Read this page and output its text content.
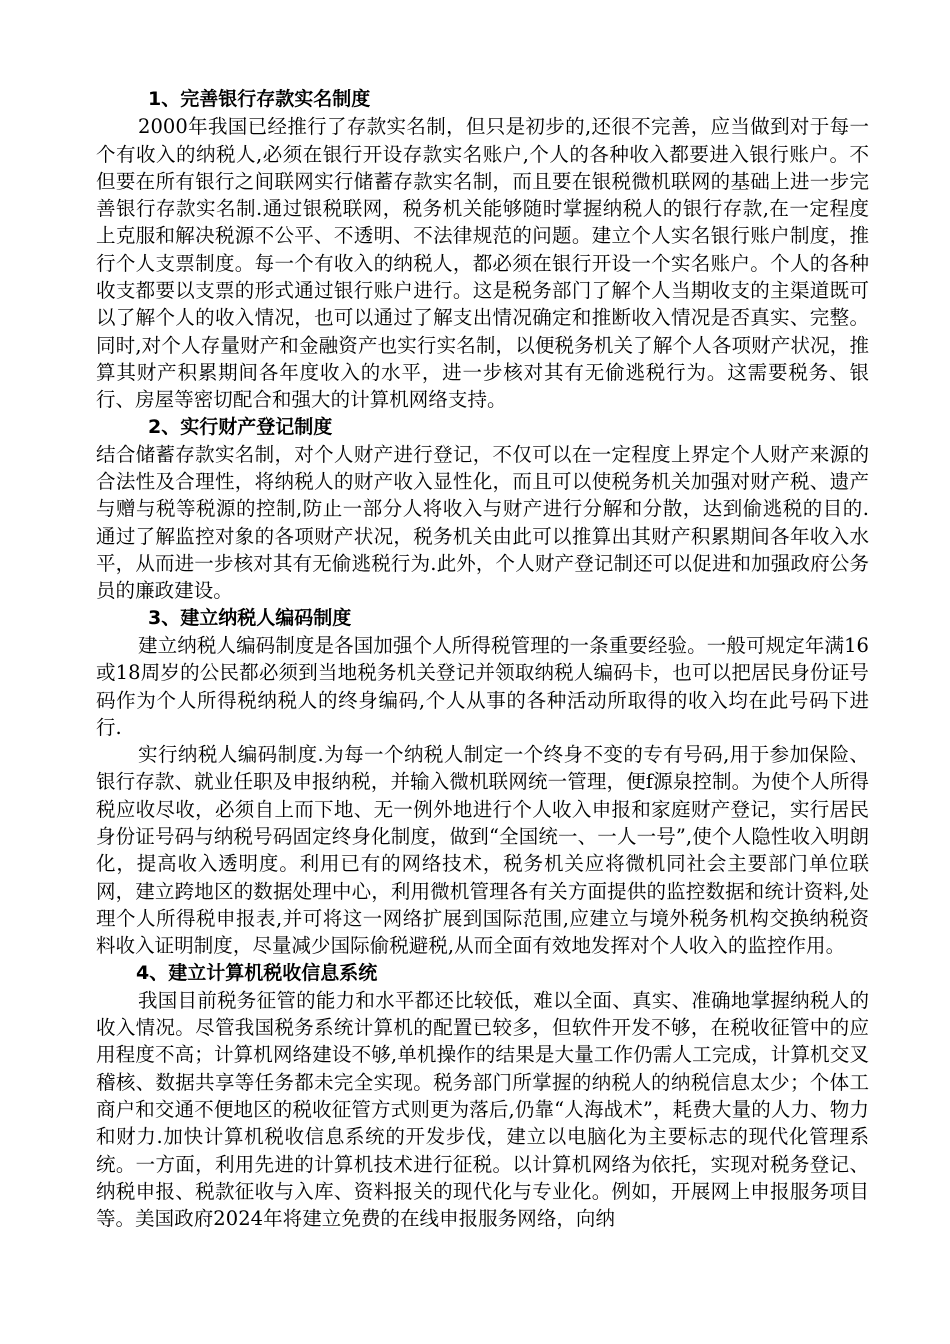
1、完善银行存款实名制度

2000年我国已经推行了存款实名制，但只是初步的,还很不完善，应当做到对于每一个有收入的纳税人,必须在银行开设存款实名账户,个人的各种收入都要进入银行账户。不但要在所有银行之间联网实行储蓄存款实名制，而且要在银税微机联网的基础上进一步完善银行存款实名制.通过银税联网，税务机关能够随时掌握纳税人的银行存款,在一定程度上克服和解决税源不公平、不透明、不法律规范的问题。建立个人实名银行账户制度，推行个人支票制度。每一个有收入的纳税人，都必须在银行开设一个实名账户。个人的各种收支都要以支票的形式通过银行账户进行。这是税务部门了解个人当期收支的主渠道既可以了解个人的收入情况，也可以通过了解支出情况确定和推断收入情况是否真实、完整。同时,对个人存量财产和金融资产也实行实名制，以便税务机关了解个人各项财产状况，推算其财产积累期间各年度收入的水平，进一步核对其有无偷逃税行为。这需要税务、银行、房屋等密切配合和强大的计算机网络支持。

2、实行财产登记制度

结合储蓄存款实名制，对个人财产进行登记，不仅可以在一定程度上界定个人财产来源的合法性及合理性，将纳税人的财产收入显性化，而且可以使税务机关加强对财产税、遗产与赠与税等税源的控制,防止一部分人将收入与财产进行分解和分散，达到偷逃税的目的.通过了解监控对象的各项财产状况，税务机关由此可以推算出其财产积累期间各年收入水平，从而进一步核对其有无偷逃税行为.此外，个人财产登记制还可以促进和加强政府公务员的廉政建设。

3、建立纳税人编码制度

建立纳税人编码制度是各国加强个人所得税管理的一条重要经验。一般可规定年满16或18周岁的公民都必须到当地税务机关登记并领取纳税人编码卡，也可以把居民身份证号码作为个人所得税纳税人的终身编码,个人从事的各种活动所取得的收入均在此号码下进行.

实行纳税人编码制度.为每一个纳税人制定一个终身不变的专有号码,用于参加保险、银行存款、就业任职及申报纳税，并输入微机联网统一管理，便f源泉控制。为使个人所得税应收尽收，必须自上而下地、无一例外地进行个人收入申报和家庭财产登记，实行居民身份证号码与纳税号码固定终身化制度，做到“全国统一、一人一号”,使个人隐性收入明朗化，提高收入透明度。利用已有的网络技术，税务机关应将微机同社会主要部门单位联网，建立跨地区的数据处理中心，利用微机管理各有关方面提供的监控数据和统计资料,处理个人所得税申报表,并可将这一网络扩展到国际范围,应建立与境外税务机构交换纳税资料收入证明制度，尽量减少国际偷税避税,从而全面有效地发挥对个人收入的监控作用。

4、建立计算机税收信息系统

我国目前税务征管的能力和水平都还比较低，难以全面、真实、准确地掌握纳税人的收入情况。尽管我国税务系统计算机的配置已较多，但软件开发不够，在税收征管中的应用程度不高；计算机网络建设不够,单机操作的结果是大量工作仍需人工完成，计算机交叉稽核、数据共享等任务都未完全实现。税务部门所掌握的纳税人的纳税信息太少；个体工商户和交通不便地区的税收征管方式则更为落后,仍靠“人海战术”，耗费大量的人力、物力和财力.加快计算机税收信息系统的开发步伐，建立以电脑化为主要标志的现代化管理系统。一方面，利用先进的计算机技术进行征税。以计算机网络为依托，实现对税务登记、纳税申报、税款征收与入库、资料报关的现代化与专业化。例如，开展网上申报服务项目等。美国政府2024年将建立免费的在线申报服务网络，向纳
